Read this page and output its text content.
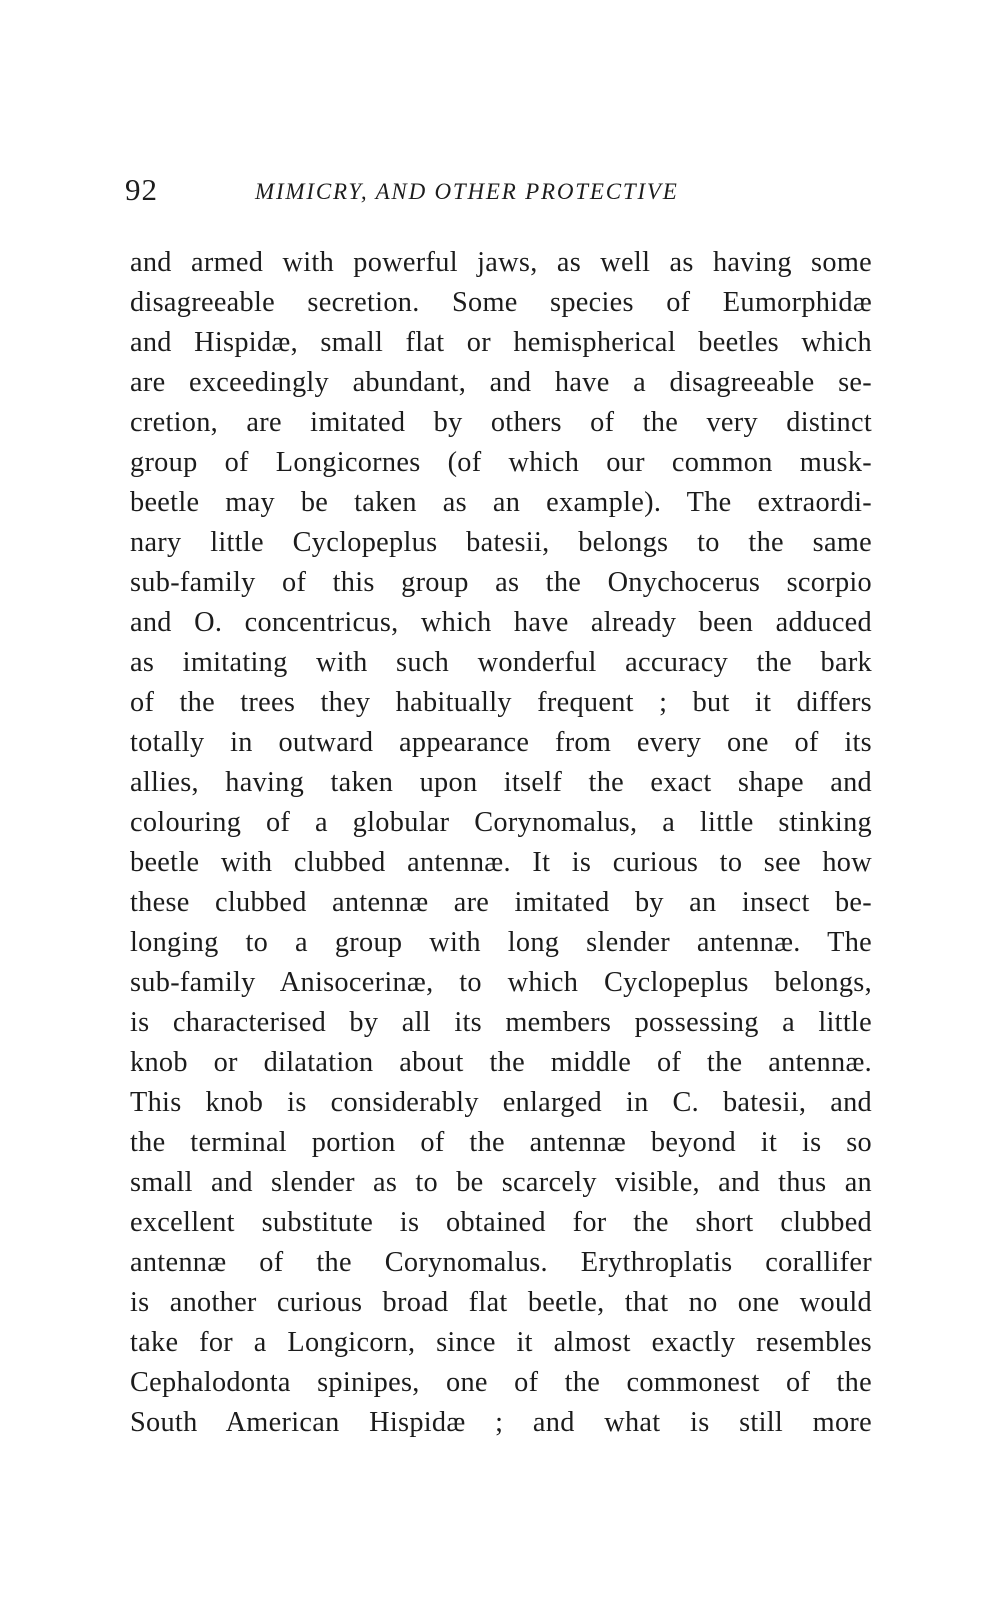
92	MIMICRY, AND OTHER PROTECTIVE
and armed with powerful jaws, as well as having some
disagreeable secretion. Some species of Eumorphidæ
and Hispidæ, small flat or hemispherical beetles which
are exceedingly abundant, and have a disagreeable se-
cretion, are imitated by others of the very distinct
group of Longicornes (of which our common musk-
beetle may be taken as an example). The extraordi-
nary little Cyclopeplus batesii, belongs to the same
sub-family of this group as the Onychocerus scorpio
and O. concentricus, which have already been adduced
as imitating with such wonderful accuracy the bark
of the trees they habitually frequent ; but it differs
totally in outward appearance from every one of its
allies, having taken upon itself the exact shape and
colouring of a globular Corynomalus, a little stinking
beetle with clubbed antennæ. It is curious to see how
these clubbed antennæ are imitated by an insect be-
longing to a group with long slender antennæ. The
sub-family Anisocerinæ, to which Cyclopeplus belongs,
is characterised by all its members possessing a little
knob or dilatation about the middle of the antennæ.
This knob is considerably enlarged in C. batesii, and
the terminal portion of the antennæ beyond it is so
small and slender as to be scarcely visible, and thus an
excellent substitute is obtained for the short clubbed
antennæ of the Corynomalus. Erythroplatis corallifer
is another curious broad flat beetle, that no one would
take for a Longicorn, since it almost exactly resembles
Cephalodonta spinipes, one of the commonest of the
South American Hispidæ ; and what is still more
